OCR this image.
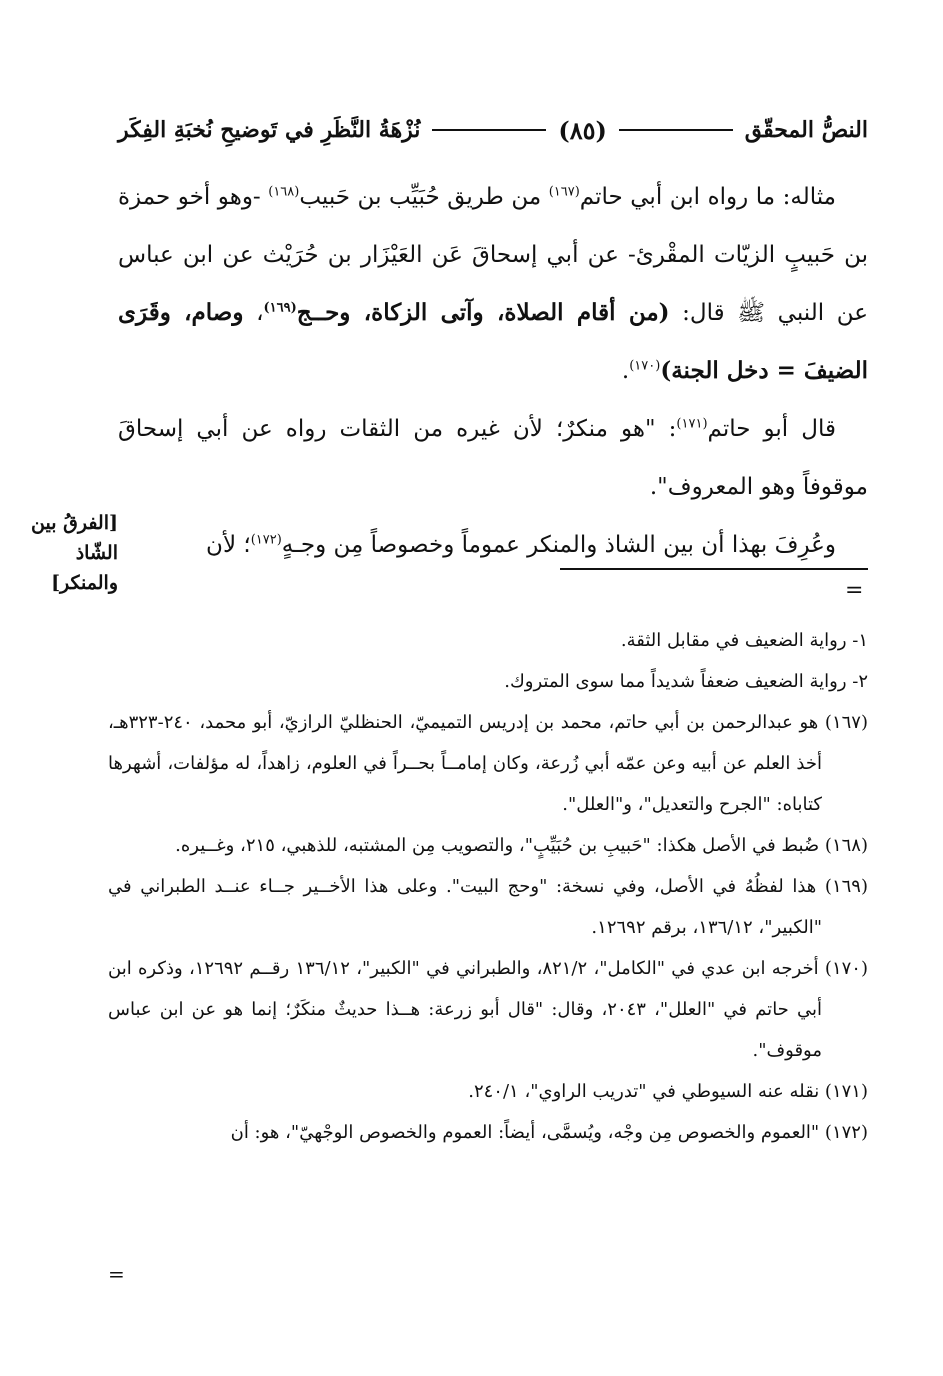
النصُّ المحقّق
(٨٥)
نُزْهَةُ النَّظَرِ في تَوضيحِ نُخبَةِ الفِكَر

مثاله: ما رواه ابن أبي حاتم$^{(١٦٧)}$ من طريق حُبَيِّب بن حَبيب$^{(١٦٨)}$ -وهو أخو حمزة بن حَبيبٍ الزيّات المقْرئ- عن أبي إسحاقَ عَن العَيْزَار بن حُرَيْث عن ابن عباس عن النبي ﷺ قال: (من أقام الصلاة، وآتى الزكاة، وحــج$^{(١٦٩)}$، وصام، وقَرَى الضيفَ = دخل الجنة)$^{(١٧٠)}$.

قال أبو حاتم$^{(١٧١)}$: "هو منكرٌ؛ لأن غيره من الثقات رواه عن أبي إسحاقَ موقوفاً وهو المعروف".

وعُرِفَ بهذا أن بين الشاذ والمنكر عموماً وخصوصاً مِن وجـهٍ$^{(١٧٢)}$؛ لأن

[الفرقُ بين الشّاذ والمنكر]	=

١- رواية الضعيف في مقابل الثقة.

٢- رواية الضعيف ضعفاً شديداً مما سوى المتروك.

(١٦٧) هو عبدالرحمن بن أبي حاتم، محمد بن إدريس التميميّ، الحنظليّ الرازيّ، أبو محمد، ٢٤٠-٣٢٣هـ، أخذ العلم عن أبيه وعن عمّه أبي زُرعة، وكان إمامــاً بحــراً في العلوم، زاهداً، له مؤلفات، أشهرها كتاباه: "الجرح والتعديل"، و"العلل".

(١٦٨) ضُبط في الأصل هكذا: "حَبيبِ بن حُبَيِّبٍ"، والتصويب مِن المشتبه، للذهبي، ٢١٥، وغــيره.

(١٦٩) هذا لفظُهُ في الأصل، وفي نسخة: "وحج البيت". وعلى هذا الأخــير جــاء عنــد الطبراني في "الكبير"، ١٣٦/١٢، برقم ١٢٦٩٢.

(١٧٠) أخرجه ابن عدي في "الكامل"، ٨٢١/٢، والطبراني في "الكبير"، ١٣٦/١٢ رقــم ١٢٦٩٢، وذكره ابن أبي حاتم في "العلل"، ٢٠٤٣، وقال: "قال أبو زرعة: هــذا حديثٌ منكَرٌ؛ إنما هو عن ابن عباس موقوف".

(١٧١) نقله عنه السيوطي في "تدريب الراوي"، ٢٤٠/١.

(١٧٢) "العموم والخصوص مِن وجْه، ويُسمَّى، أيضاً: العموم والخصوص الوجْهيّ"، هو: أن

=
